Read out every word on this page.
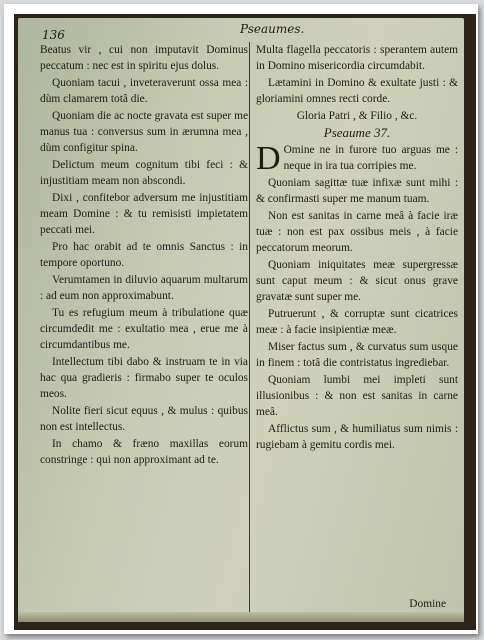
136	Pseaumes.

Beatus vir , cui non imputavit Dominus peccatum : nec est in spiritu ejus dolus.

Quoniam tacui , inveteraverunt ossa mea : dùm clamarem totâ die.

Quoniam die ac nocte gravata est super me manus tua : conversus sum in ærumna mea , dùm configitur spina.

Delictum meum cognitum tibi feci : & injustitiam meam non abscondi.

Dixi , confitebor adversum me injustitiam meam Domine : & tu remisisti impietatem peccati mei.

Pro hac orabit ad te omnis Sanctus : in tempore oportuno.

Verumtamen in diluvio aquarum multarum : ad eum non approximabunt.

Tu es refugium meum à tribulatione quæ circumdedit me : exultatio mea , erue me à circumdantibus me.

Intellectum tibi dabo & instruam te in via hac qua gradieris : firmabo super te oculos meos.

Nolite fieri sicut equus , & mulus : quibus non est intellectus.

In chamo & fræno maxillas eorum constringe : qui non approximant ad te.

Multa flagella peccatoris : sperantem autem in Domino misericordia circumdabit.

Lætamini in Domino & exultate justi : & gloriamini omnes recti corde.

Gloria Patri , & Filio , &c.

Pseaume 37.

D Omine ne in furore tuo arguas me : neque in ira tua corripies me.

Quoniam sagittæ tuæ infixæ sunt mihi : & confirmasti super me manum tuam.

Non est sanitas in carne meâ à facie iræ tuæ : non est pax ossibus meis , à facie peccatorum meorum.

Quoniam iniquitates meæ supergressæ sunt caput meum : & sicut onus grave gravatæ sunt super me.

Putruerunt , & corruptæ sunt cicatrices meæ : à facie insipientiæ meæ.

Miser factus sum , & curvatus sum usque in finem : totâ die contristatus ingrediebar.

Quoniam lumbi mei impleti sunt illusionibus : & non est sanitas in carne meâ.

Afflictus sum , & humiliatus sum nimis : rugiebam à gemitu cordis mei.

Domine
